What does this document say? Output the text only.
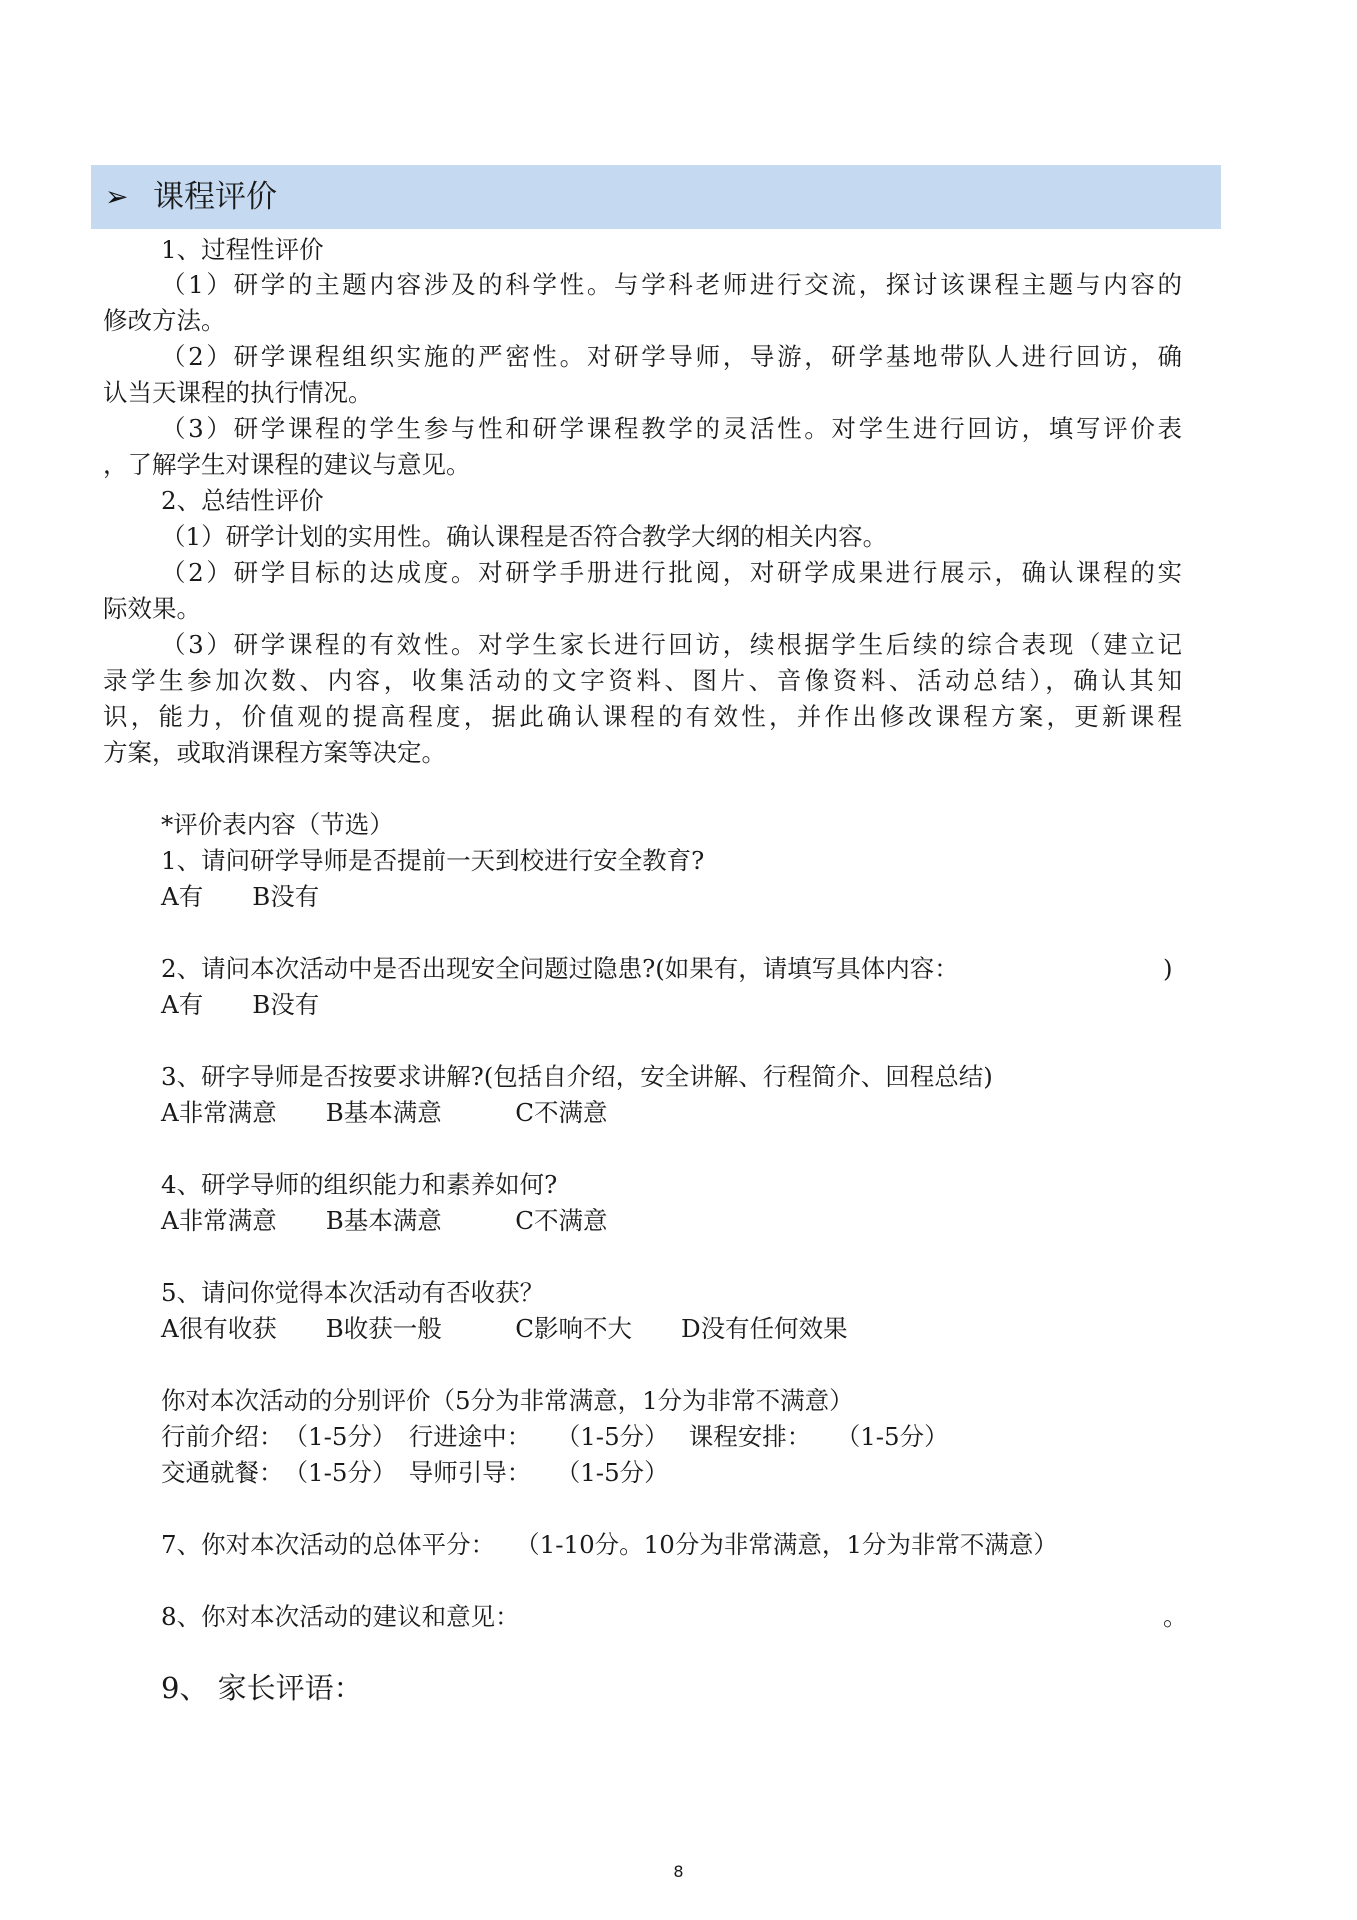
➢ 课程评价
1、过程性评价
（1）研学的主题内容涉及的科学性。与学科老师进行交流，探讨该课程主题与内容的
修改方法。
（2）研学课程组织实施的严密性。对研学导师，导游，研学基地带队人进行回访，确
认当天课程的执行情况。
（3）研学课程的学生参与性和研学课程教学的灵活性。对学生进行回访，填写评价表
，了解学生对课程的建议与意见。
2、总结性评价
（1）研学计划的实用性。确认课程是否符合教学大纲的相关内容。
（2）研学目标的达成度。对研学手册进行批阅，对研学成果进行展示，确认课程的实
际效果。
（3）研学课程的有效性。对学生家长进行回访，续根据学生后续的综合表现（建立记
录学生参加次数、内容，收集活动的文字资料、图片、音像资料、活动总结），确认其知
识，能力，价值观的提高程度，据此确认课程的有效性，并作出修改课程方案，更新课程
方案，或取消课程方案等决定。
*评价表内容（节选）
1、请问研学导师是否提前一天到校进行安全教育?
A有　　B没有
2、请问本次活动中是否出现安全问题过隐患?(如果有，请填写具体内容：	)
A有　　B没有
3、研字导师是否按要求讲解?(包括自介绍，安全讲解、行程简介、回程总结)
A非常满意　　B基本满意　　　C不满意
4、研学导师的组织能力和素养如何?
A非常满意　　B基本满意　　　C不满意
5、请问你觉得本次活动有否收获？
A很有收获　　B收获一般　　　C影响不大　　D没有任何效果
你对本次活动的分别评价（5分为非常满意，1分为非常不满意）
行前介绍：　（1-5分）　行进途中：　　（1-5分）　 课程安排：　　（1-5分）
交通就餐：　（1-5分）　导师引导：　　（1-5分）
7、你对本次活动的总体平分：　 （1-10分。10分为非常满意，1分为非常不满意）
8、你对本次活动的建议和意见：	。
9、 家长评语：
8
